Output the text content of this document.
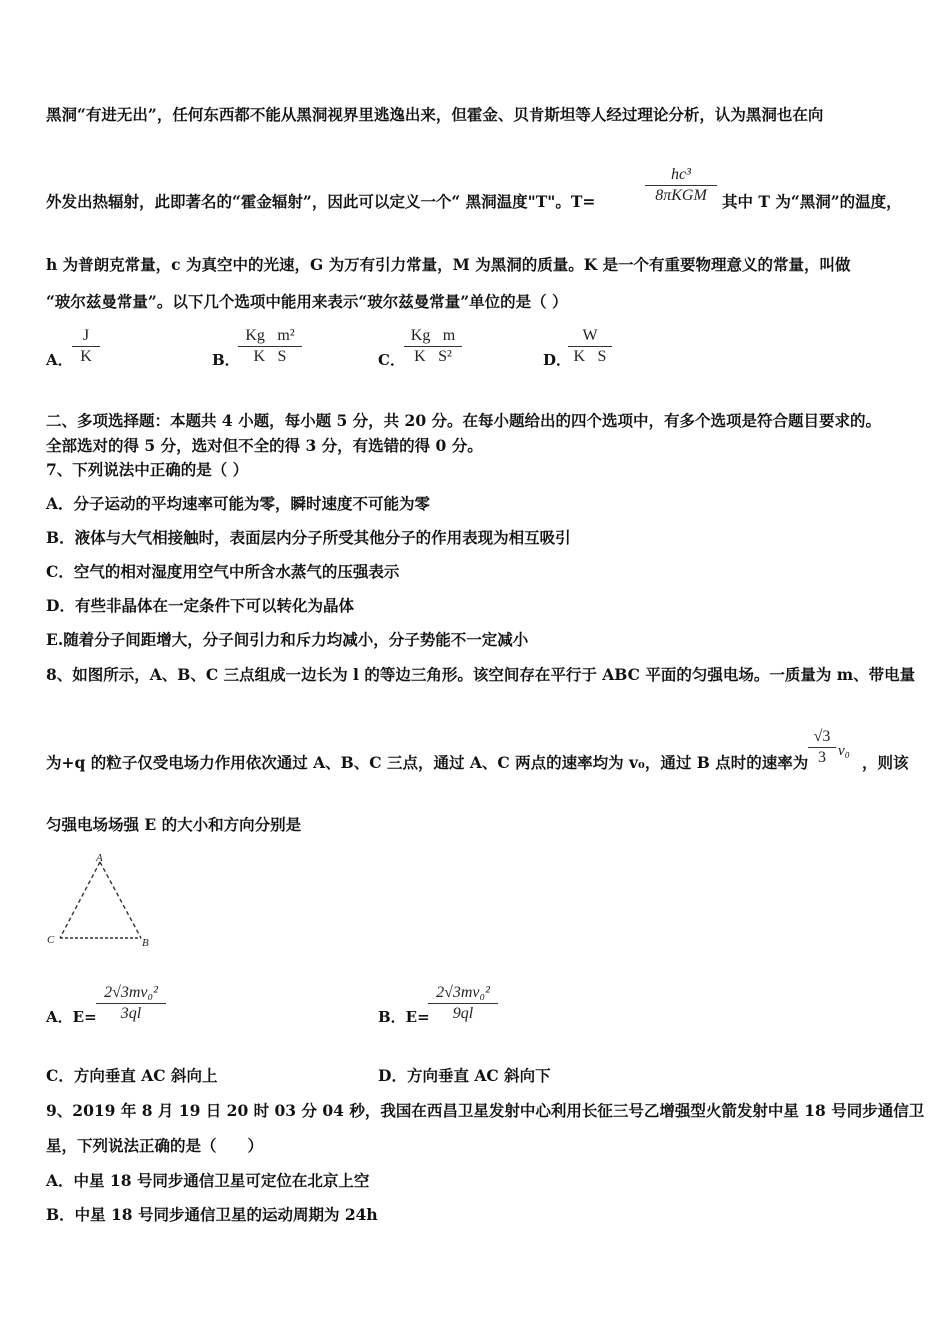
黑洞“有进无出”，任何东西都不能从黑洞视界里逃逸出来，但霍金、贝肯斯坦等人经过理论分析，认为黑洞也在向
外发出热辐射，此即著名的“霍金辐射”，因此可以定义一个“ 黑洞温度"T"。T=
hc³
8πKGM 其中 T 为“黑洞”的温度，
h 为普朗克常量，c 为真空中的光速，G 为万有引力常量，M 为黑洞的质量。K 是一个有重要物理意义的常量，叫做
“玻尔兹曼常量”。以下几个选项中能用来表示“玻尔兹曼常量”单位的是（ ）
A．
J
K	B．
Kg⃞m²
K⃞S	C．
Kg⃞m
K⃞S²	D．
W
K⃞S
二、多项选择题：本题共 4 小题，每小题 5 分，共 20 分。在每小题给出的四个选项中，有多个选项是符合题目要求的。
全部选对的得 5 分，选对但不全的得 3 分，有选错的得 0 分。
7、下列说法中正确的是（ ）
A．分子运动的平均速率可能为零，瞬时速度不可能为零
B．液体与大气相接触时，表面层内分子所受其他分子的作用表现为相互吸引
C．空气的相对湿度用空气中所含水蒸气的压强表示
D．有些非晶体在一定条件下可以转化为晶体
E.随着分子间距增大，分子间引力和斥力均减小，分子势能不一定减小
8、如图所示，A、B、C 三点组成一边长为 l 的等边三角形。该空间存在平行于 ABC 平面的匀强电场。一质量为 m、带电量
为+q 的粒子仅受电场力作用依次通过 A、B、C 三点，通过 A、C 两点的速率均为 v₀，通过 B 点时的速率为
√3
3 v₀
，则该
匀强电场场强 E 的大小和方向分别是
A
C	B
A．E=
2√3mv₀²
3ql	B．E=
2√3mv₀²
9ql
C．方向垂直 AC 斜向上	D．方向垂直 AC 斜向下
9、2019 年 8 月 19 日 20 时 03 分 04 秒，我国在西昌卫星发射中心利用长征三号乙增强型火箭发射中星 18 号同步通信卫
星，下列说法正确的是（　　）
A．中星 18 号同步通信卫星可定位在北京上空
B．中星 18 号同步通信卫星的运动周期为 24h
